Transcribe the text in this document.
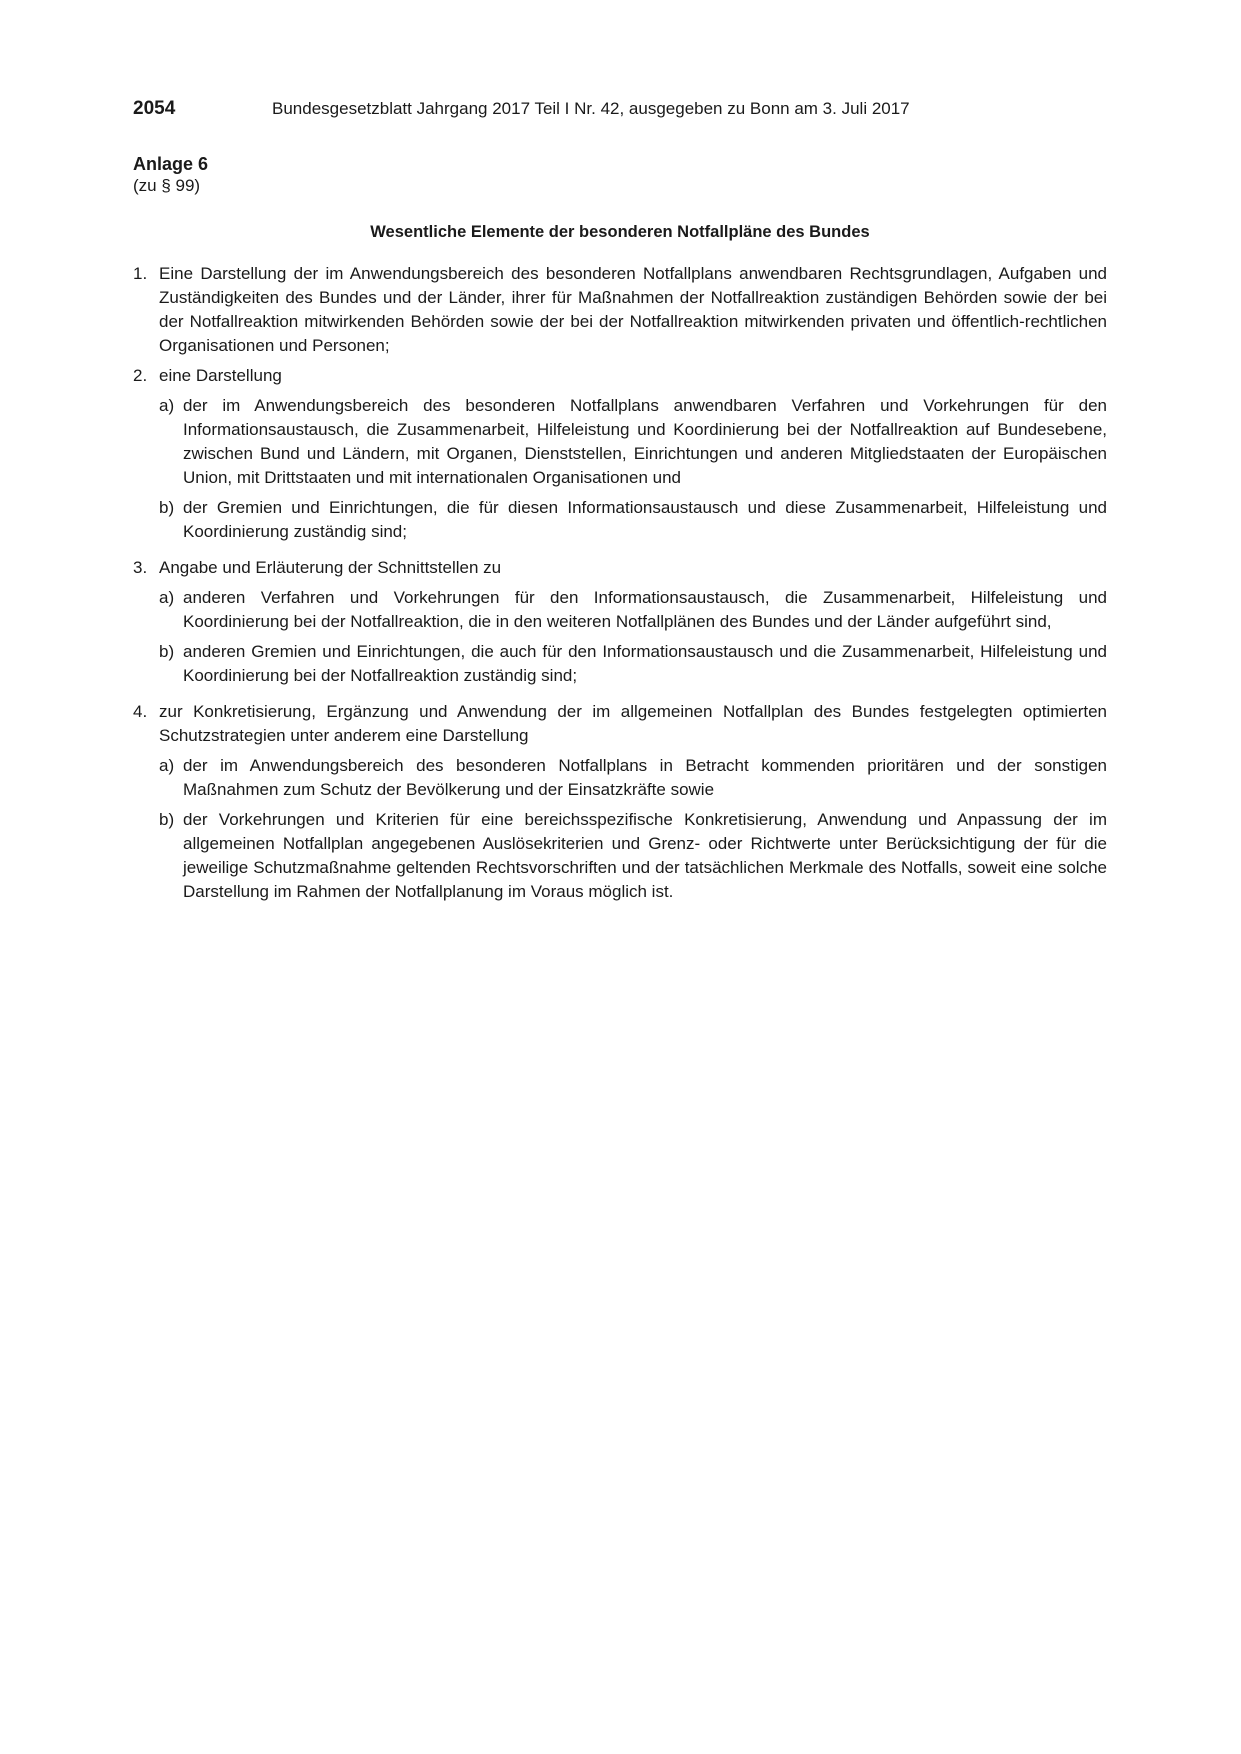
2054	Bundesgesetzblatt Jahrgang 2017 Teil I Nr. 42, ausgegeben zu Bonn am 3. Juli 2017
Anlage 6
(zu § 99)
Wesentliche Elemente der besonderen Notfallpläne des Bundes
1. Eine Darstellung der im Anwendungsbereich des besonderen Notfallplans anwendbaren Rechtsgrundlagen, Aufgaben und Zuständigkeiten des Bundes und der Länder, ihrer für Maßnahmen der Notfallreaktion zuständigen Behörden sowie der bei der Notfallreaktion mitwirkenden Behörden sowie der bei der Notfallreaktion mitwirkenden privaten und öffentlich-rechtlichen Organisationen und Personen;
2. eine Darstellung
a) der im Anwendungsbereich des besonderen Notfallplans anwendbaren Verfahren und Vorkehrungen für den Informationsaustausch, die Zusammenarbeit, Hilfeleistung und Koordinierung bei der Notfallreaktion auf Bundesebene, zwischen Bund und Ländern, mit Organen, Dienststellen, Einrichtungen und anderen Mitgliedstaaten der Europäischen Union, mit Drittstaaten und mit internationalen Organisationen und
b) der Gremien und Einrichtungen, die für diesen Informationsaustausch und diese Zusammenarbeit, Hilfeleistung und Koordinierung zuständig sind;
3. Angabe und Erläuterung der Schnittstellen zu
a) anderen Verfahren und Vorkehrungen für den Informationsaustausch, die Zusammenarbeit, Hilfeleistung und Koordinierung bei der Notfallreaktion, die in den weiteren Notfallplänen des Bundes und der Länder aufgeführt sind,
b) anderen Gremien und Einrichtungen, die auch für den Informationsaustausch und die Zusammenarbeit, Hilfeleistung und Koordinierung bei der Notfallreaktion zuständig sind;
4. zur Konkretisierung, Ergänzung und Anwendung der im allgemeinen Notfallplan des Bundes festgelegten optimierten Schutzstrategien unter anderem eine Darstellung
a) der im Anwendungsbereich des besonderen Notfallplans in Betracht kommenden prioritären und der sonstigen Maßnahmen zum Schutz der Bevölkerung und der Einsatzkräfte sowie
b) der Vorkehrungen und Kriterien für eine bereichsspezifische Konkretisierung, Anwendung und Anpassung der im allgemeinen Notfallplan angegebenen Auslösekriterien und Grenz- oder Richtwerte unter Berücksichtigung der für die jeweilige Schutzmaßnahme geltenden Rechtsvorschriften und der tatsächlichen Merkmale des Notfalls, soweit eine solche Darstellung im Rahmen der Notfallplanung im Voraus möglich ist.
